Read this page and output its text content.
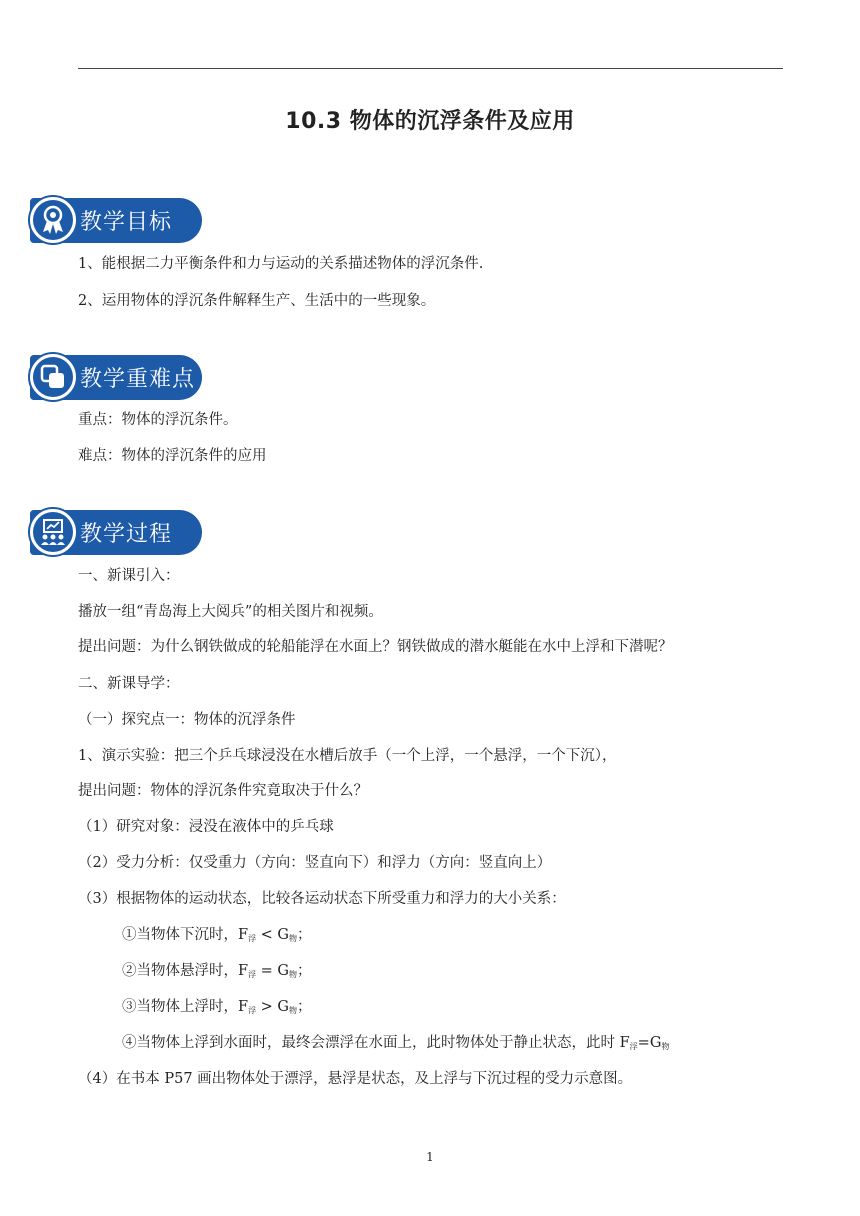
10.3 物体的沉浮条件及应用
教学目标
1、能根据二力平衡条件和力与运动的关系描述物体的浮沉条件.
2、运用物体的浮沉条件解释生产、生活中的一些现象。
教学重难点
重点：物体的浮沉条件。
难点：物体的浮沉条件的应用
教学过程
一、新课引入：
播放一组“青岛海上大阅兵”的相关图片和视频。
提出问题：为什么钢铁做成的轮船能浮在水面上？钢铁做成的潜水艇能在水中上浮和下潜呢？
二、新课导学：
（一）探究点一：物体的沉浮条件
1、演示实验：把三个乒乓球浸没在水槽后放手（一个上浮，一个悬浮，一个下沉），
提出问题：物体的浮沉条件究竟取决于什么？
（1）研究对象：浸没在液体中的乒乓球
（2）受力分析：仅受重力（方向：竖直向下）和浮力（方向：竖直向上）
（3）根据物体的运动状态，比较各运动状态下所受重力和浮力的大小关系：
①当物体下沉时，$F_浮 < G_物$；
②当物体悬浮时，$F_浮 = G_物$；
③当物体上浮时，$F_浮 > G_物$；
④当物体上浮到水面时，最终会漂浮在水面上，此时物体处于静止状态，此时 $F_浮=G_物$
（4）在书本 P57 画出物体处于漂浮，悬浮是状态，及上浮与下沉过程的受力示意图。
1
